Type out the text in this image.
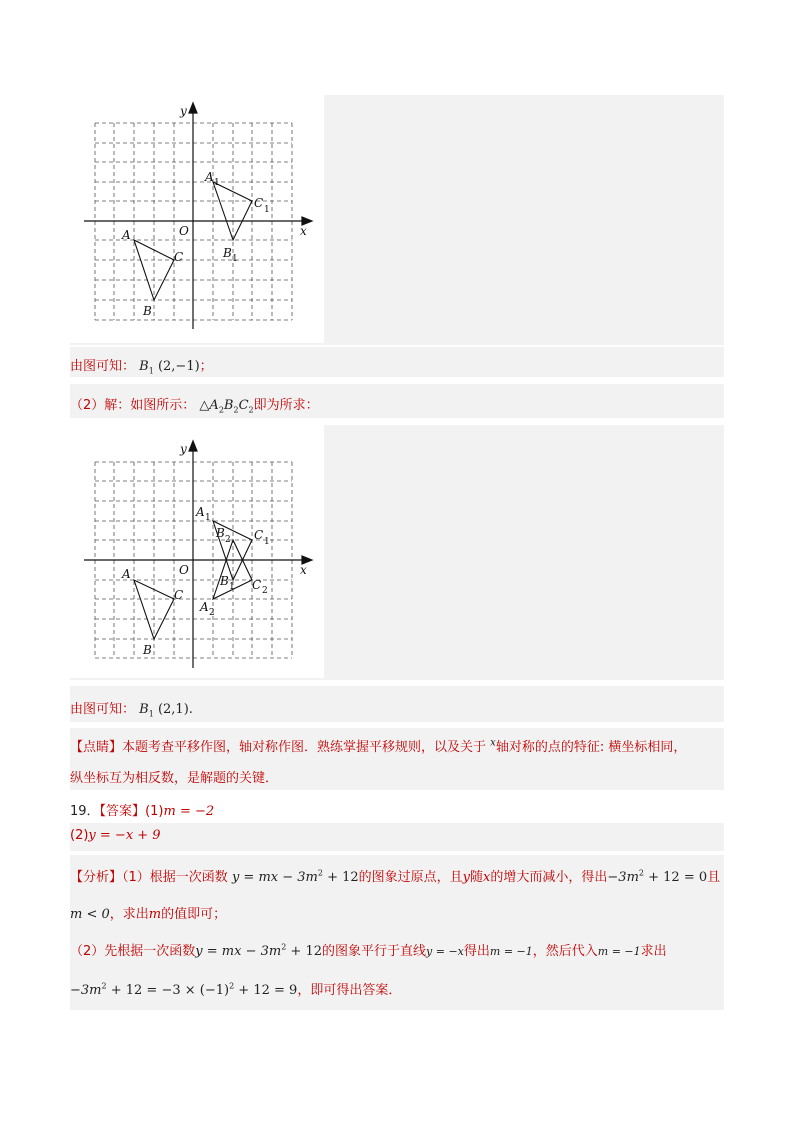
x
y
O
A
B
C
A 1
C 1
B 1
由图可知： $B_1$ (2,−1)；
（2）解：如图所示： $\triangle A_2B_2C_2$即为所求：
x
y
O
A
B
C
A 1
C 1
B 2
B 1 C 2
A 2
由图可知： $B_1$ (2,1).
【点睛】本题考查平移作图，轴对称作图．熟练掌握平移规则，以及关于 $^x$轴对称的点的特征: 横坐标相同，
纵坐标互为相反数，是解题的关键．
19．【答案】(1)m = −2
(2)y = −x + 9
【分析】（1）根据一次函数 y = mx − $3m^2 + 12$的图象过原点，且y随x的增大而减小，得出$-3m^2 + 12 = 0$且
m < 0，求出m的值即可；
（2）先根据一次函数y = mx − $3m^2 + 12$的图象平行于直线y = −x得出m = −1，然后代入m = −1求出
$-3m^2 + 12 = -3 \times (-1)^2 + 12 = 9$，即可得出答案．
